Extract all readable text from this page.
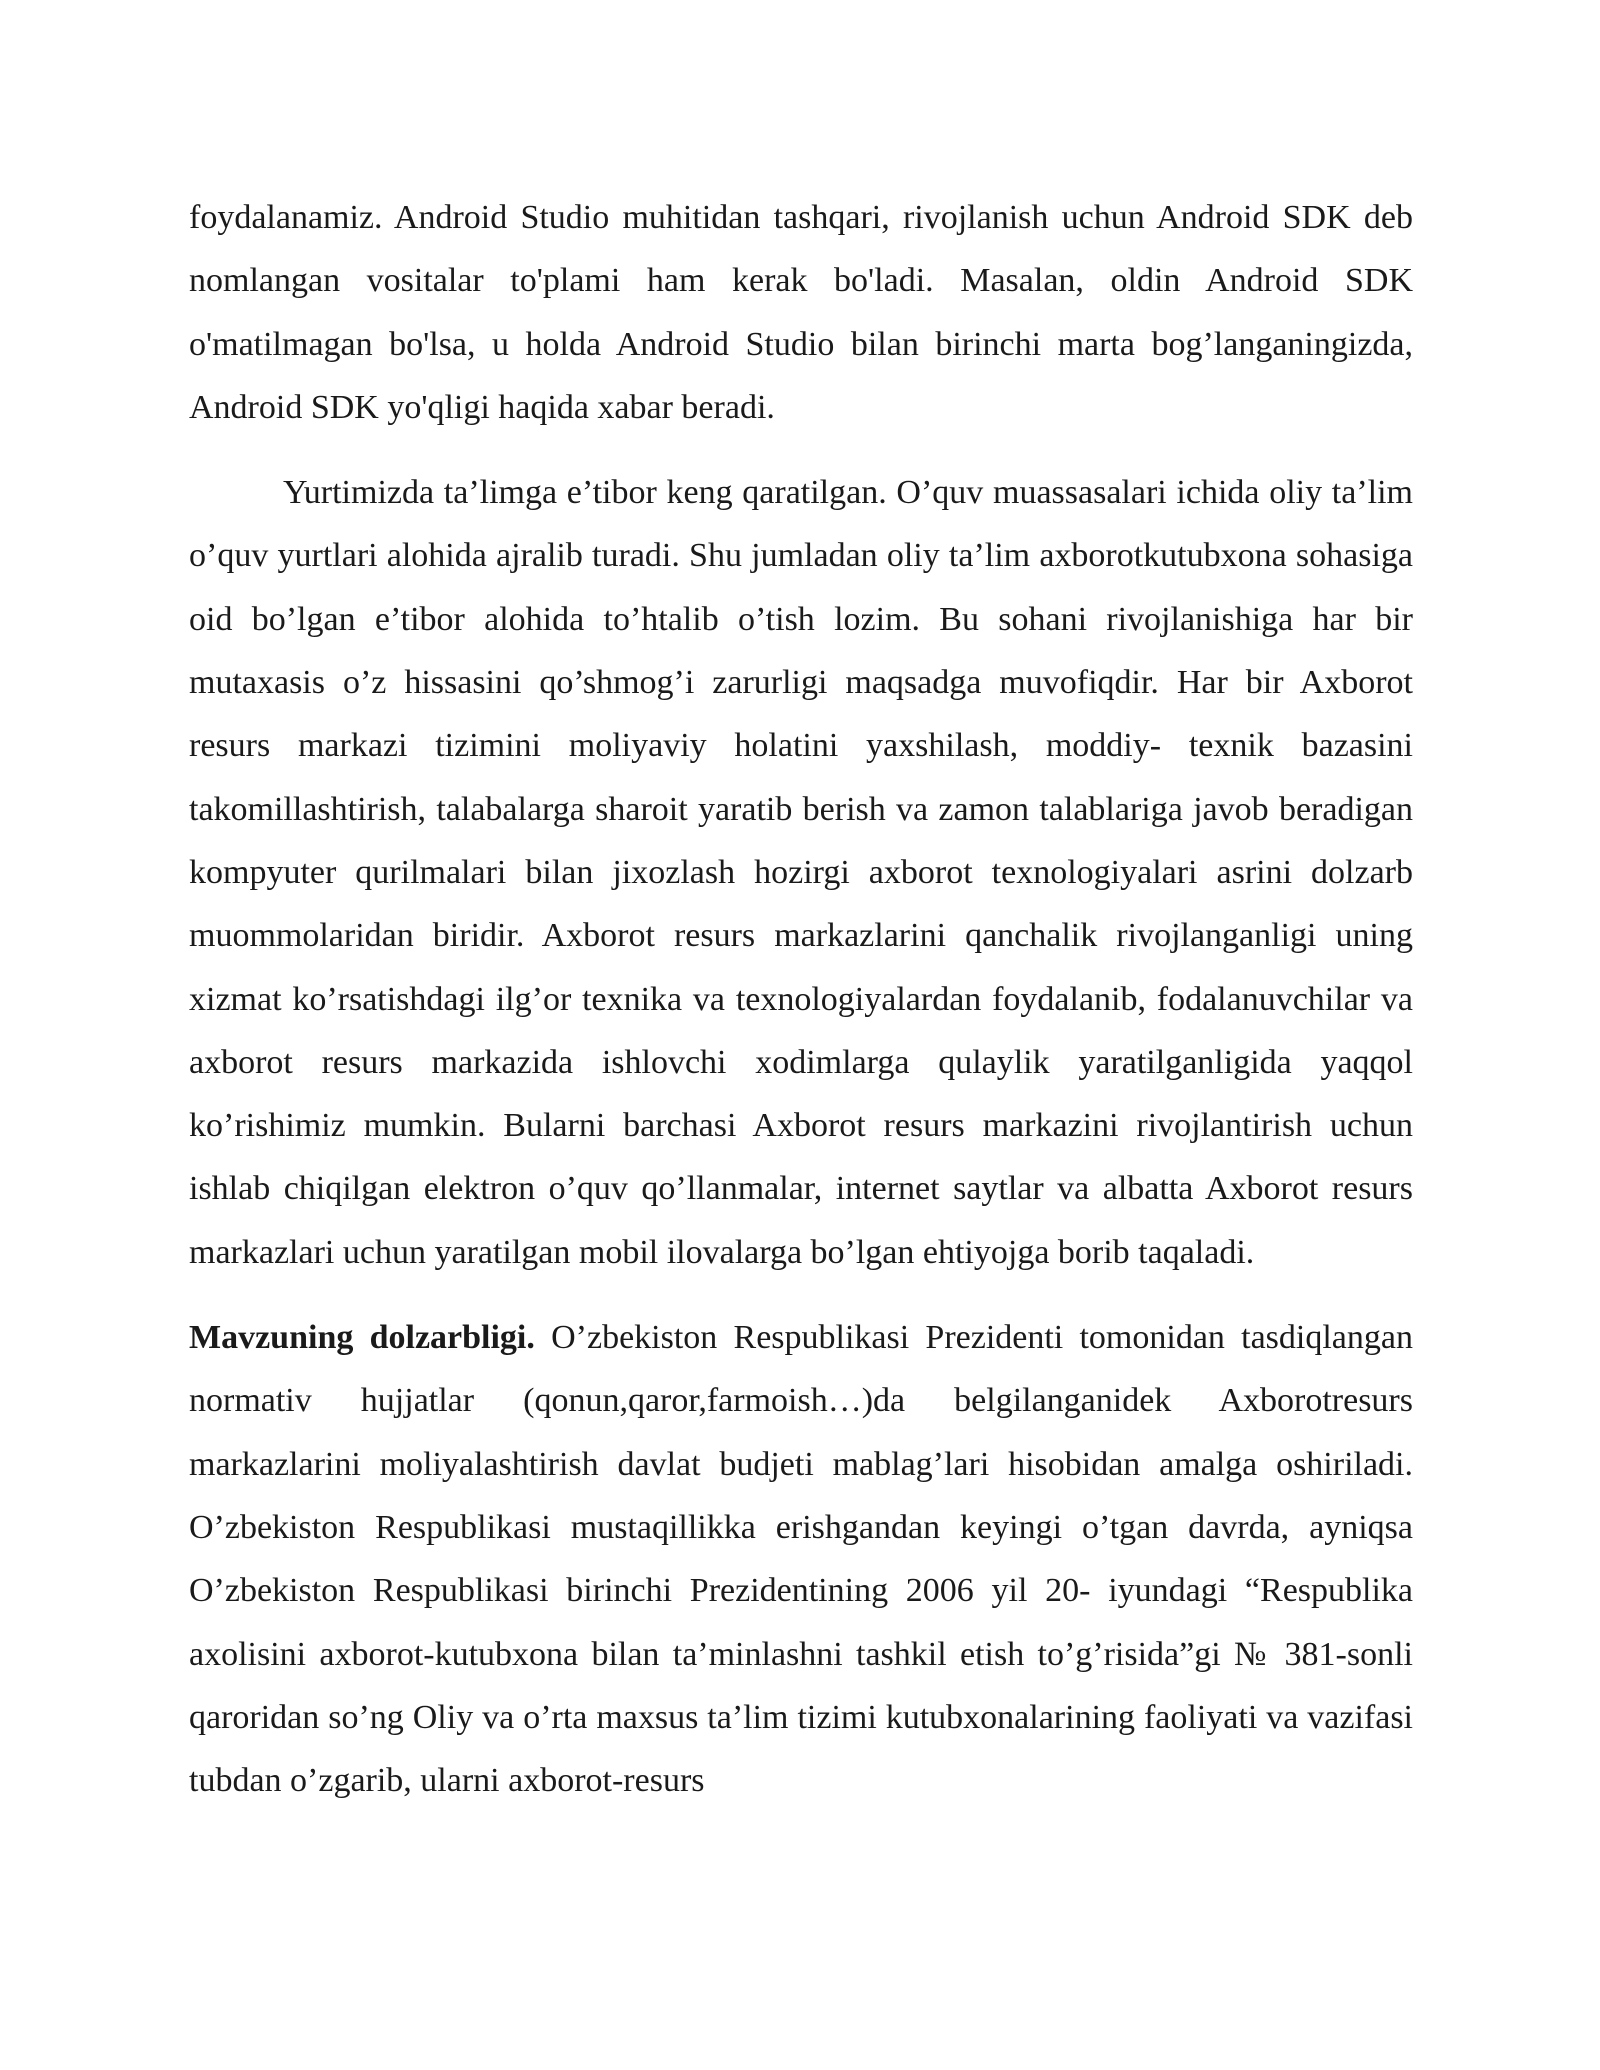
foydalanamiz. Android Studio muhitidan tashqari, rivojlanish uchun Android SDK deb nomlangan vositalar to'plami ham kerak bo'ladi. Masalan, oldin Android SDK o'matilmagan bo'lsa, u holda Android Studio bilan birinchi marta bog’langaningizda, Android SDK yo'qligi haqida xabar beradi.

Yurtimizda ta’limga e’tibor keng qaratilgan. O’quv muassasalari ichida oliy ta’lim o’quv yurtlari alohida ajralib turadi. Shu jumladan oliy ta’lim axborotkutubxona sohasiga oid bo’lgan e’tibor alohida to’htalib o’tish lozim. Bu sohani rivojlanishiga har bir mutaxasis o’z hissasini qo’shmog’i zarurligi maqsadga muvofiqdir. Har bir Axborot resurs markazi tizimini moliyaviy holatini yaxshilash, moddiy- texnik bazasini takomillashtirish, talabalarga sharoit yaratib berish va zamon talablariga javob beradigan kompyuter qurilmalari bilan jixozlash hozirgi axborot texnologiyalari asrini dolzarb muommolaridan biridir. Axborot resurs markazlarini qanchalik rivojlanganligi uning xizmat ko’rsatishdagi ilg’or texnika va texnologiyalardan foydalanib, fodalanuvchilar va axborot resurs markazida ishlovchi xodimlarga qulaylik yaratilganligida yaqqol ko’rishimiz mumkin. Bularni barchasi Axborot resurs markazini rivojlantirish uchun ishlab chiqilgan elektron o’quv qo’llanmalar, internet saytlar va albatta Axborot resurs markazlari uchun yaratilgan mobil ilovalarga bo’lgan ehtiyojga borib taqaladi.

Mavzuning dolzarbligi. O’zbekiston Respublikasi Prezidenti tomonidan tasdiqlangan normativ hujjatlar (qonun,qaror,farmoish…)da belgilanganidek Axborotresurs markazlarini moliyalashtirish davlat budjeti mablag’lari hisobidan amalga oshiriladi. O’zbekiston Respublikasi mustaqillikka erishgandan keyingi o’tgan davrda, ayniqsa O’zbekiston Respublikasi birinchi Prezidentining 2006 yil 20- iyundagi “Respublika axolisini axborot-kutubxona bilan ta’minlashni tashkil etish to’g’risida”gi № 381-sonli qaroridan so’ng Oliy va o’rta maxsus ta’lim tizimi kutubxonalarining faoliyati va vazifasi tubdan o’zgarib, ularni axborot-resurs
